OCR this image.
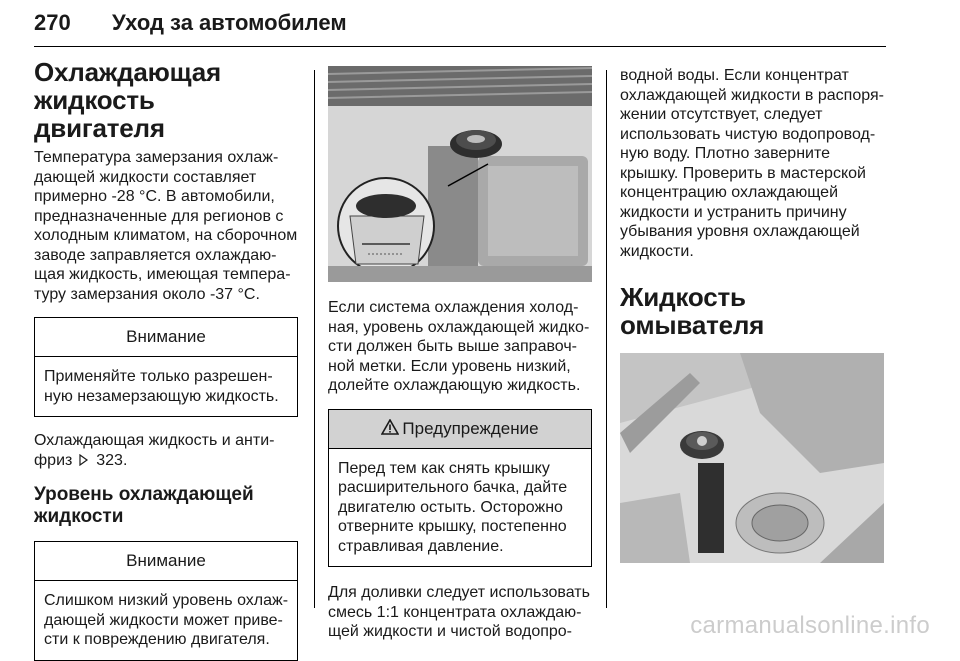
270 Уход за автомобилем
Охлаждающая жидкость
двигателя

Температура замерзания охлаж-
дающей жидкости составляет
примерно -28 °C. В автомобили,
предназначенные для регионов с
холодным климатом, на сборочном
заводе заправляется охлаждаю-
щая жидкость, имеющая темпера-
туру замерзания около -37 °C.

Внимание
Применяйте только разрешен-
ную незамерзающую жидкость.

Охлаждающая жидкость и анти-
фриз 323.

Уровень охлаждающей
жидкости
Внимание
Слишком низкий уровень охлаж-
дающей жидкости может приве-
сти к повреждению двигателя.

Если система охлаждения холод-
ная, уровень охлаждающей жидко-
сти должен быть выше заправоч-
ной метки. Если уровень низкий,
долейте охлаждающую жидкость.

Предупреждение
Перед тем как снять крышку
расширительного бачка, дайте
двигателю остыть. Осторожно
отверните крышку, постепенно
стравливая давление.

Для доливки следует использовать
смесь 1:1 концентрата охлаждаю-
щей жидкости и чистой водопро-

водной воды. Если концентрат
охлаждающей жидкости в распоря-
жении отсутствует, следует
использовать чистую водопровод-
ную воду. Плотно заверните
крышку. Проверить в мастерской
концентрацию охлаждающей
жидкости и устранить причину
убывания уровня охлаждающей
жидкости.

Жидкость омывателя
carmanualsonline.info
